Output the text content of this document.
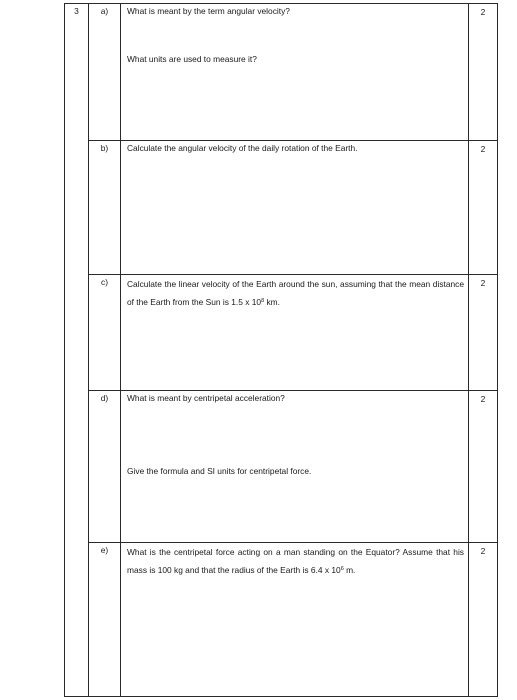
3	a)	What is meant by the term angular velocity?
What units are used to measure it?	2
	b)	Calculate the angular velocity of the daily rotation of the Earth.	2
	c)	Calculate the linear velocity of the Earth around the sun, assuming that the mean distance of the Earth from the Sun is 1.5 x $10^8$ km.	2
	d)	What is meant by centripetal acceleration?
Give the formula and SI units for centripetal force.	2
	e)	What is the centripetal force acting on a man standing on the Equator? Assume that his mass is 100 kg and that the radius of the Earth is 6.4 x $10^6$ m.	2
